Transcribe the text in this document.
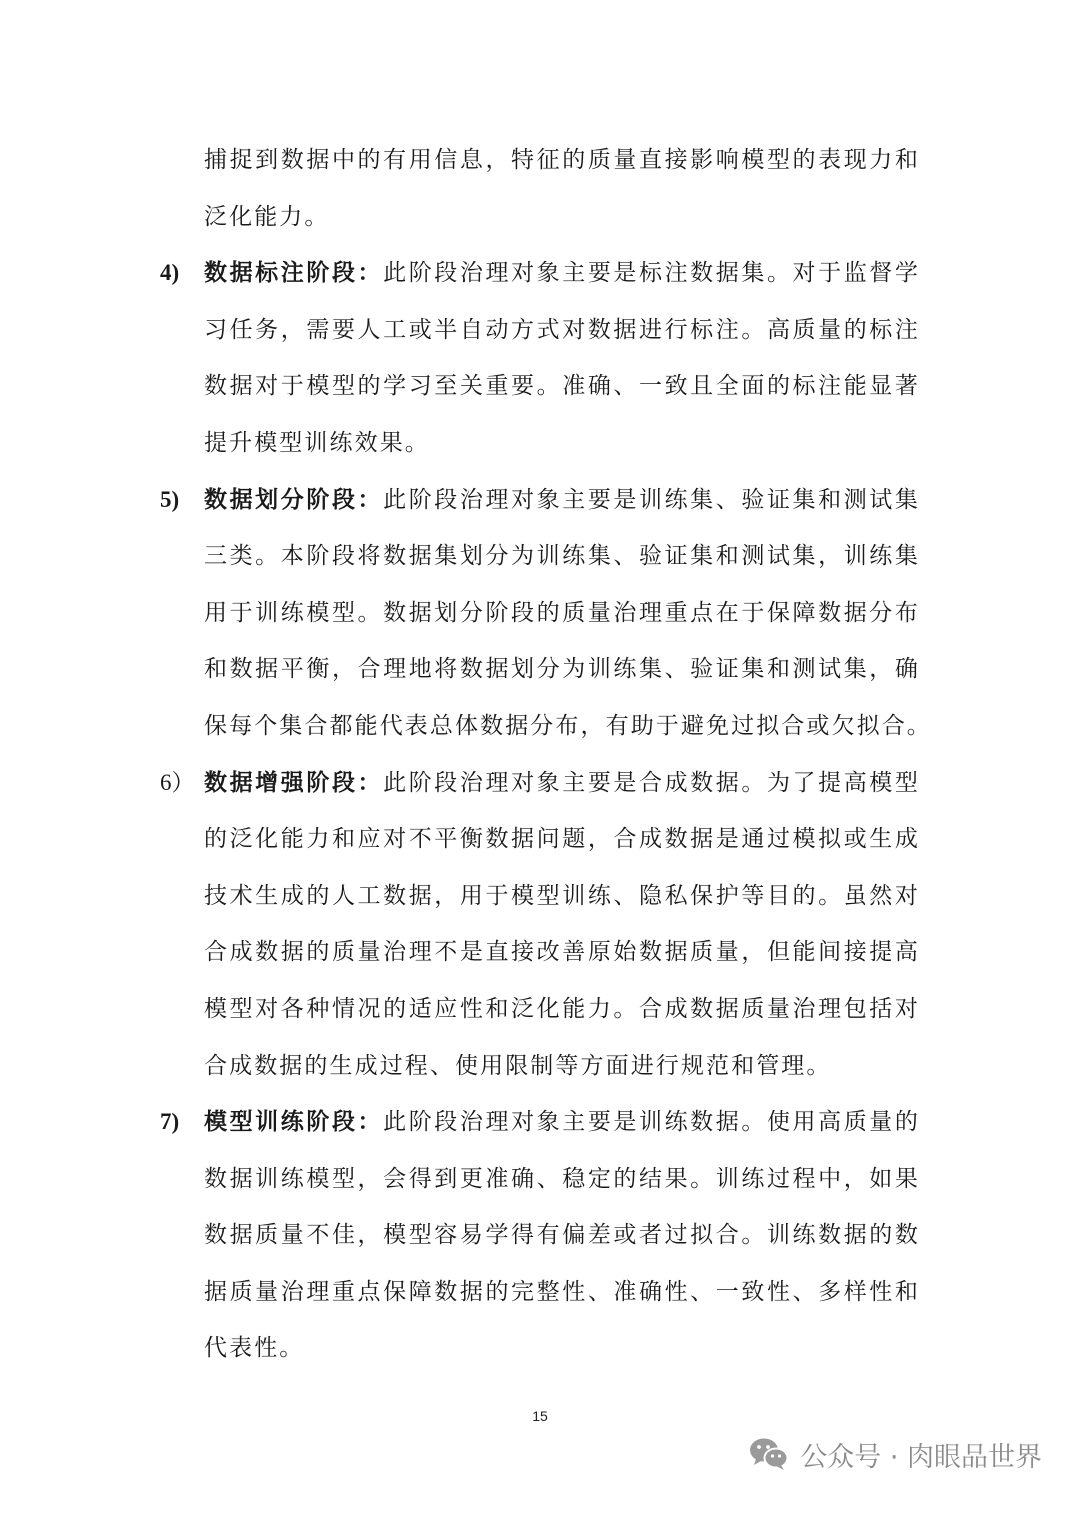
捕捉到数据中的有用信息，特征的质量直接影响模型的表现力和
泛化能力。
4) 数据标注阶段：此阶段治理对象主要是标注数据集。对于监督学
习任务，需要人工或半自动方式对数据进行标注。高质量的标注
数据对于模型的学习至关重要。准确、一致且全面的标注能显著
提升模型训练效果。
5) 数据划分阶段：此阶段治理对象主要是训练集、验证集和测试集
三类。本阶段将数据集划分为训练集、验证集和测试集，训练集
用于训练模型。数据划分阶段的质量治理重点在于保障数据分布
和数据平衡，合理地将数据划分为训练集、验证集和测试集，确
保每个集合都能代表总体数据分布，有助于避免过拟合或欠拟合。
6） 数据增强阶段：此阶段治理对象主要是合成数据。为了提高模型
的泛化能力和应对不平衡数据问题，合成数据是通过模拟或生成
技术生成的人工数据，用于模型训练、隐私保护等目的。虽然对
合成数据的质量治理不是直接改善原始数据质量，但能间接提高
模型对各种情况的适应性和泛化能力。合成数据质量治理包括对
合成数据的生成过程、使用限制等方面进行规范和管理。
7) 模型训练阶段：此阶段治理对象主要是训练数据。使用高质量的
数据训练模型，会得到更准确、稳定的结果。训练过程中，如果
数据质量不佳，模型容易学得有偏差或者过拟合。训练数据的数
据质量治理重点保障数据的完整性、准确性、一致性、多样性和
代表性。
15
公众号 · 肉眼品世界
